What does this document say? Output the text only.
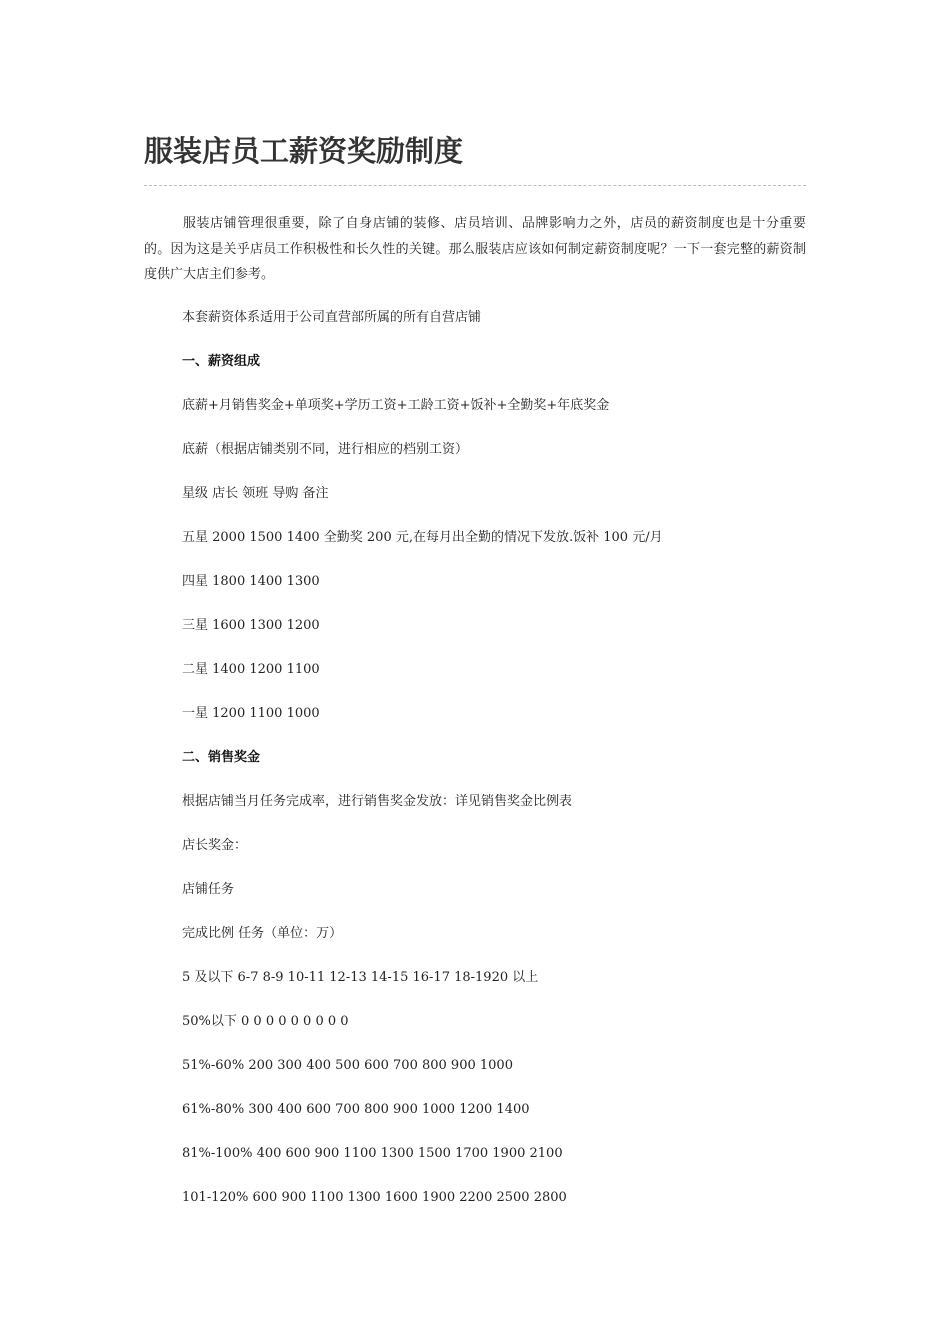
服装店员工薪资奖励制度

服装店铺管理很重要，除了自身店铺的装修、店员培训、品牌影响力之外，店员的薪资制度也是十分重要的。因为这是关乎店员工作积极性和长久性的关键。那么服装店应该如何制定薪资制度呢？一下一套完整的薪资制度供广大店主们参考。

本套薪资体系适用于公司直营部所属的所有自营店铺

一、薪资组成

底薪+月销售奖金+单项奖+学历工资+工龄工资+饭补+全勤奖+年底奖金

底薪（根据店铺类别不同，进行相应的档别工资）

星级 店长 领班 导购 备注

五星 2000 1500 1400 全勤奖 200 元,在每月出全勤的情况下发放.饭补 100 元/月

四星 1800 1400 1300

三星 1600 1300 1200

二星 1400 1200 1100

一星 1200 1100 1000

二、销售奖金

根据店铺当月任务完成率，进行销售奖金发放：详见销售奖金比例表

店长奖金：

店铺任务

完成比例 任务（单位：万）

5 及以下 6-7 8-9 10-11 12-13 14-15 16-17 18-1920 以上

50%以下 0 0 0 0 0 0 0 0 0

51%-60% 200 300 400 500 600 700 800 900 1000

61%-80% 300 400 600 700 800 900 1000 1200 1400

81%-100% 400 600 900 1100 1300 1500 1700 1900 2100

101-120% 600 900 1100 1300 1600 1900 2200 2500 2800
